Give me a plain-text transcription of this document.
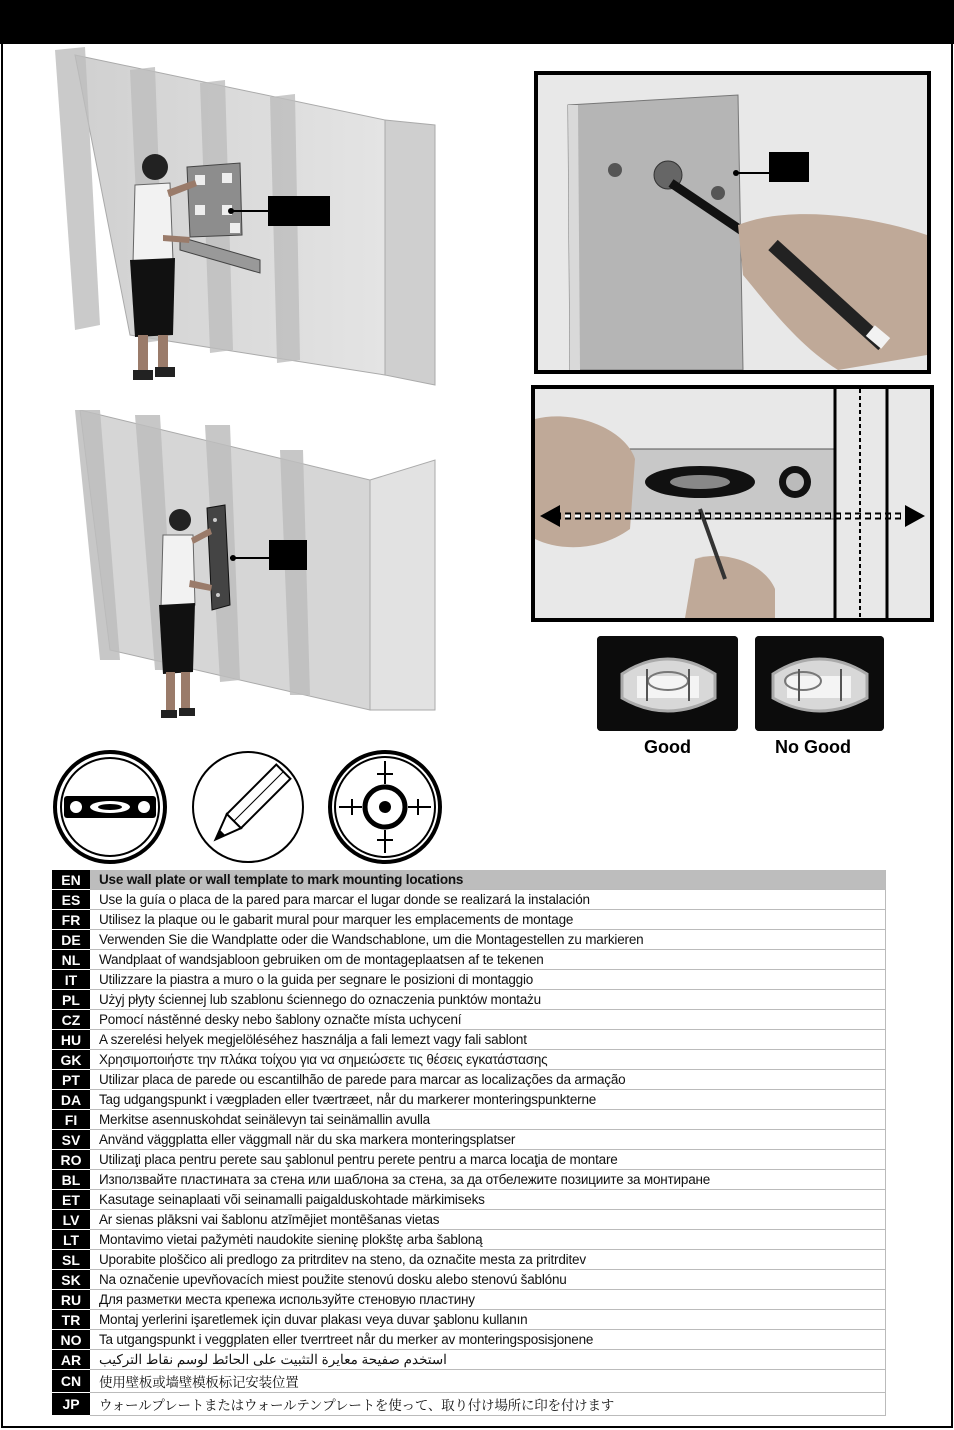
Good	No Good
EN	Use wall plate or wall template to mark mounting locations
ES	Use la guía o placa de la pared para marcar el lugar donde se realizará la instalación
FR	Utilisez la plaque ou le gabarit mural pour marquer les emplacements de montage
DE	Verwenden Sie die Wandplatte oder die Wandschablone, um die Montagestellen zu markieren
NL	Wandplaat of wandsjabloon gebruiken om de montageplaatsen af te tekenen
IT	Utilizzare la piastra a muro o la guida per segnare le posizioni di montaggio
PL	Użyj płyty ściennej lub szablonu ściennego do oznaczenia punktów montażu
CZ	Pomocí nástěnné desky nebo šablony označte místa uchycení
HU	A szerelési helyek megjelöléséhez használja a fali lemezt vagy fali sablont
GK	Χρησιμοποιήστε την πλάκα τοίχου για να σημειώσετε τις θέσεις εγκατάστασης
PT	Utilizar placa de parede ou escantilhão de parede para marcar as localizações da armação
DA	Tag udgangspunkt i vægpladen eller tværtræet, når du markerer monteringspunkterne
FI	Merkitse asennuskohdat seinälevyn tai seinämallin avulla
SV	Använd väggplatta eller väggmall när du ska markera monteringsplatser
RO	Utilizaţi placa pentru perete sau şablonul pentru perete pentru a marca locaţia de montare
BL	Използвайте пластината за стена или шаблона за стена, за да отбележите позициите за монтиране
ET	Kasutage seinaplaati või seinamalli paigalduskohtade märkimiseks
LV	Ar sienas plāksni vai šablonu atzīmējiet montēšanas vietas
LT	Montavimo vietai pažymėti naudokite sieninę plokštę arba šabloną
SL	Uporabite ploščico ali predlogo za pritrditev na steno, da označite mesta za pritrditev
SK	Na označenie upevňovacích miest použite stenovú dosku alebo stenovú šablónu
RU	Для разметки места крепежа используйте стеновую пластину
TR	Montaj yerlerini işaretlemek için duvar plakası veya duvar şablonu kullanın
NO	Ta utgangspunkt i veggplaten eller tverrtreet når du merker av monteringsposisjonene
AR	استخدم صفيحة معايرة التثبيت على الحائط لوسم نقاط التركيب
CN	使用壁板或墙壁模板标记安装位置
JP	ウォールプレートまたはウォールテンプレートを使って、取り付け場所に印を付けます
